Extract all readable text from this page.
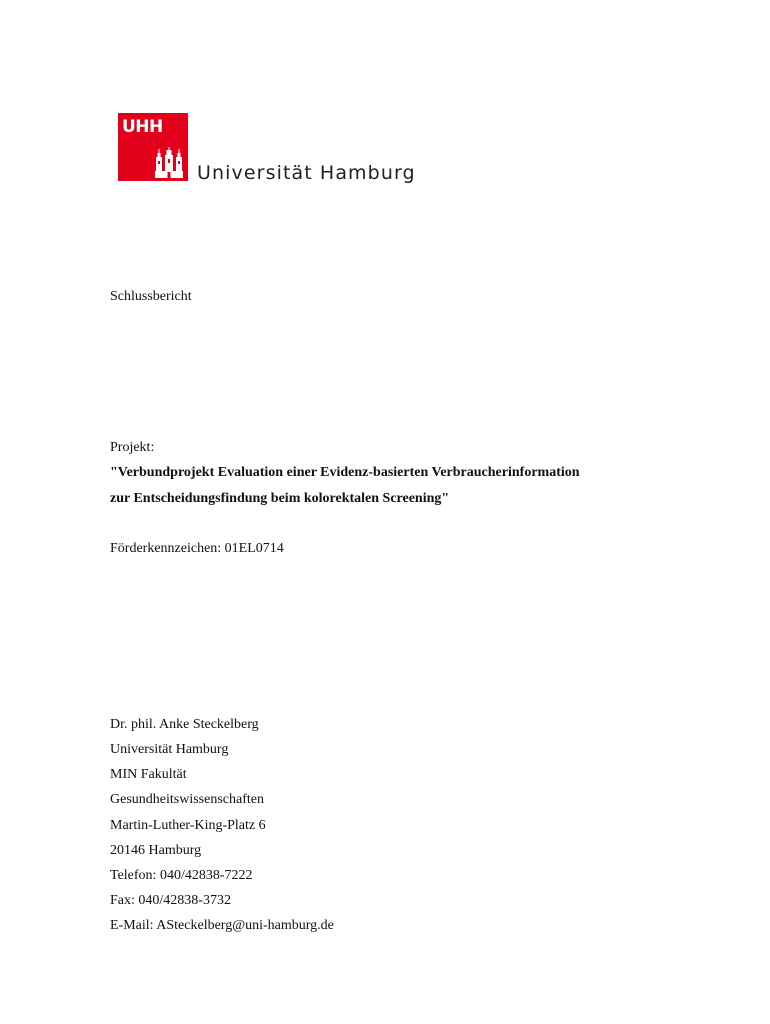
UHH
Universität Hamburg
Schlussbericht
Projekt:
"Verbundprojekt Evaluation einer Evidenz-basierten Verbraucherinformation
zur Entscheidungsfindung beim kolorektalen Screening"
Förderkennzeichen: 01EL0714
Dr. phil. Anke Steckelberg
Universität Hamburg
MIN Fakultät
Gesundheitswissenschaften
Martin-Luther-King-Platz 6
20146 Hamburg
Telefon: 040/42838-7222
Fax: 040/42838-3732
E-Mail: ASteckelberg@uni-hamburg.de
